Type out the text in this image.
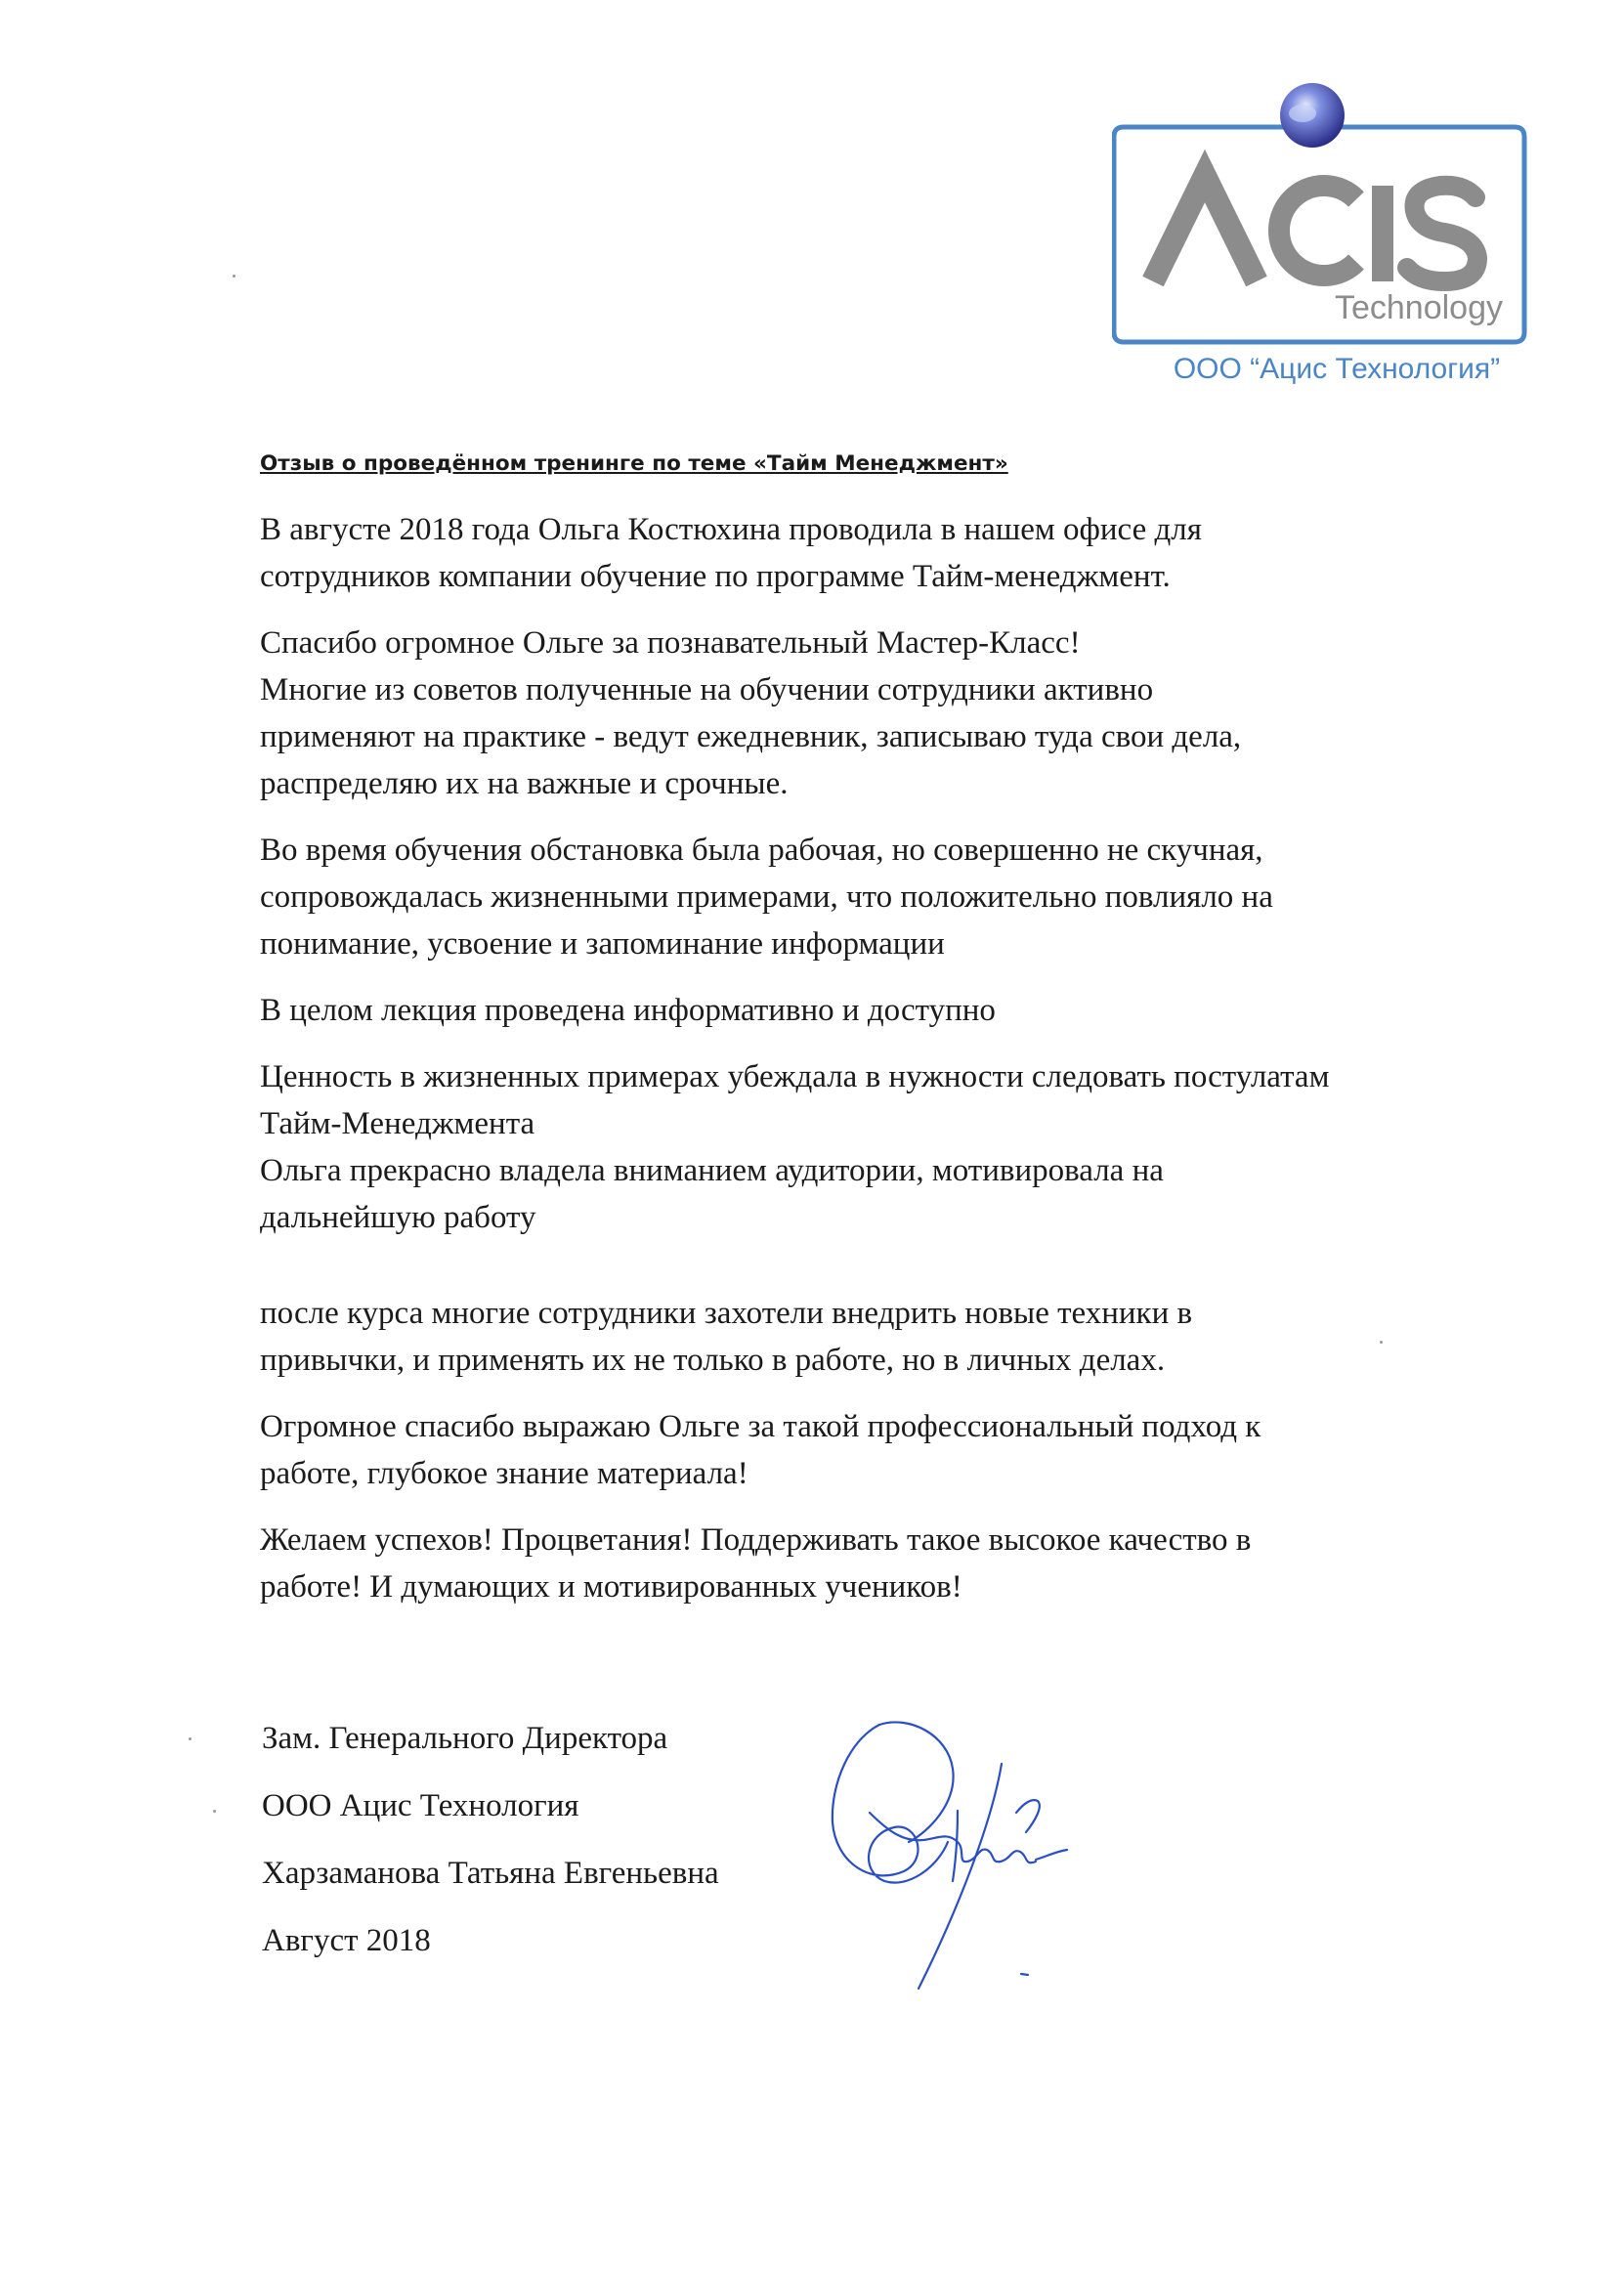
Technology
ООО “Ацис Технология”
Отзыв о проведённом тренинге по теме «Тайм Менеджмент»
В августе 2018 года Ольга Костюхина проводила в нашем офисе для
сотрудников компании обучение по программе Тайм-менеджмент.
Спасибо огромное Ольге за познавательный Мастер-Класс!
Многие из советов полученные на обучении сотрудники активно
применяют на практике - ведут ежедневник, записываю туда свои дела,
распределяю их на важные и срочные.
Во время обучения обстановка была рабочая, но совершенно не скучная,
сопровождалась жизненными примерами, что положительно повлияло на
понимание, усвоение и запоминание информации
В целом лекция проведена информативно и доступно
Ценность в жизненных примерах убеждала в нужности следовать постулатам
Тайм-Менеджмента
Ольга прекрасно владела вниманием аудитории, мотивировала на
дальнейшую работу
после курса многие сотрудники захотели внедрить новые техники в
привычки, и применять их не только в работе, но в личных делах.
Огромное спасибо выражаю Ольге за такой профессиональный подход к
работе, глубокое знание материала!
Желаем успехов! Процветания! Поддерживать такое высокое качество в
работе! И думающих и мотивированных учеников!
Зам. Генерального Директора
ООО Ацис Технология
Харзаманова Татьяна Евгеньевна
Август 2018
